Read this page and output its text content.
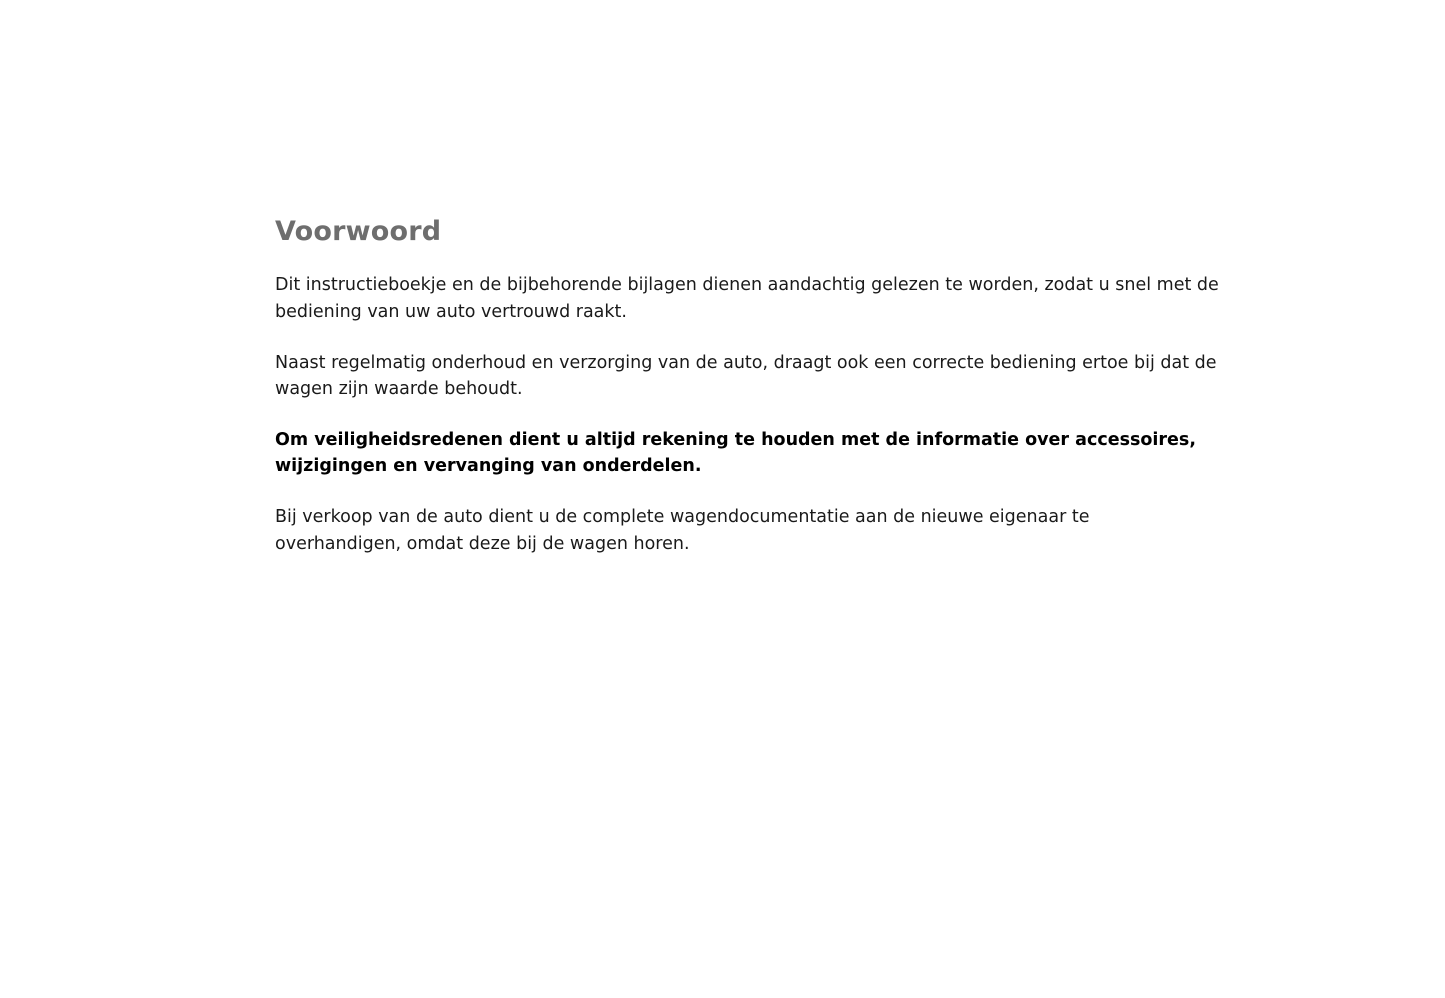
Voorwoord

Dit instructieboekje en de bijbehorende bijlagen dienen aandachtig gelezen te worden, zodat u snel met de bediening van uw auto vertrouwd raakt.

Naast regelmatig onderhoud en verzorging van de auto, draagt ook een correcte bediening ertoe bij dat de wagen zijn waarde behoudt.

Om veiligheidsredenen dient u altijd rekening te houden met de informatie over accessoires, wijzigingen en vervanging van onderdelen.

Bij verkoop van de auto dient u de complete wagendocumentatie aan de nieuwe eigenaar te overhandigen, omdat deze bij de wagen horen.
